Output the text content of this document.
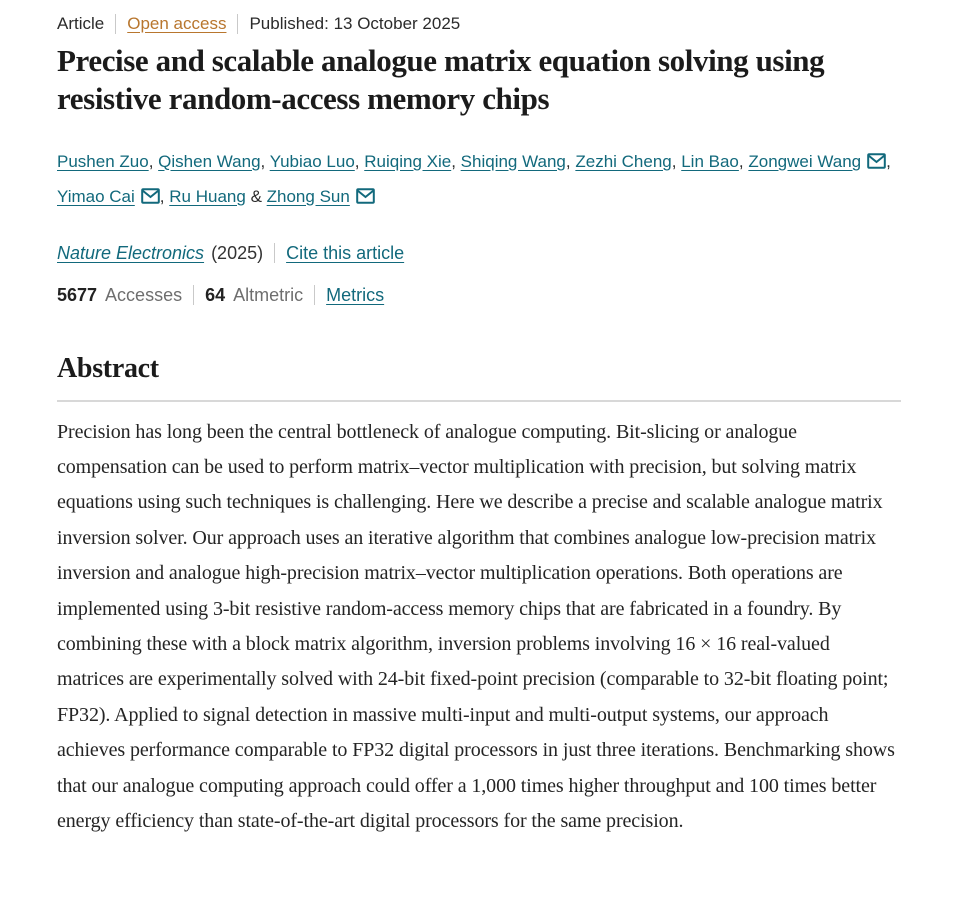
Article Open access Published: 13 October 2025
Precise and scalable analogue matrix equation solving using resistive random-access memory chips
Pushen Zuo, Qishen Wang, Yubiao Luo, Ruiqing Xie, Shiqing Wang, Zezhi Cheng, Lin Bao, Zongwei Wang , Yimao Cai , Ru Huang & Zhong Sun
Nature Electronics (2025) Cite this article
5677 Accesses 64 Altmetric Metrics
Abstract

Precision has long been the central bottleneck of analogue computing. Bit-slicing or analogue compensation can be used to perform matrix–vector multiplication with precision, but solving matrix equations using such techniques is challenging. Here we describe a precise and scalable analogue matrix inversion solver. Our approach uses an iterative algorithm that combines analogue low-precision matrix inversion and analogue high-precision matrix–vector multiplication operations. Both operations are implemented using 3-bit resistive random-access memory chips that are fabricated in a foundry. By combining these with a block matrix algorithm, inversion problems involving 16 × 16 real-valued matrices are experimentally solved with 24-bit fixed-point precision (comparable to 32-bit floating point; FP32). Applied to signal detection in massive multi-input and multi-output systems, our approach achieves performance comparable to FP32 digital processors in just three iterations. Benchmarking shows that our analogue computing approach could offer a 1,000 times higher throughput and 100 times better energy efficiency than state-of-the-art digital processors for the same precision.
